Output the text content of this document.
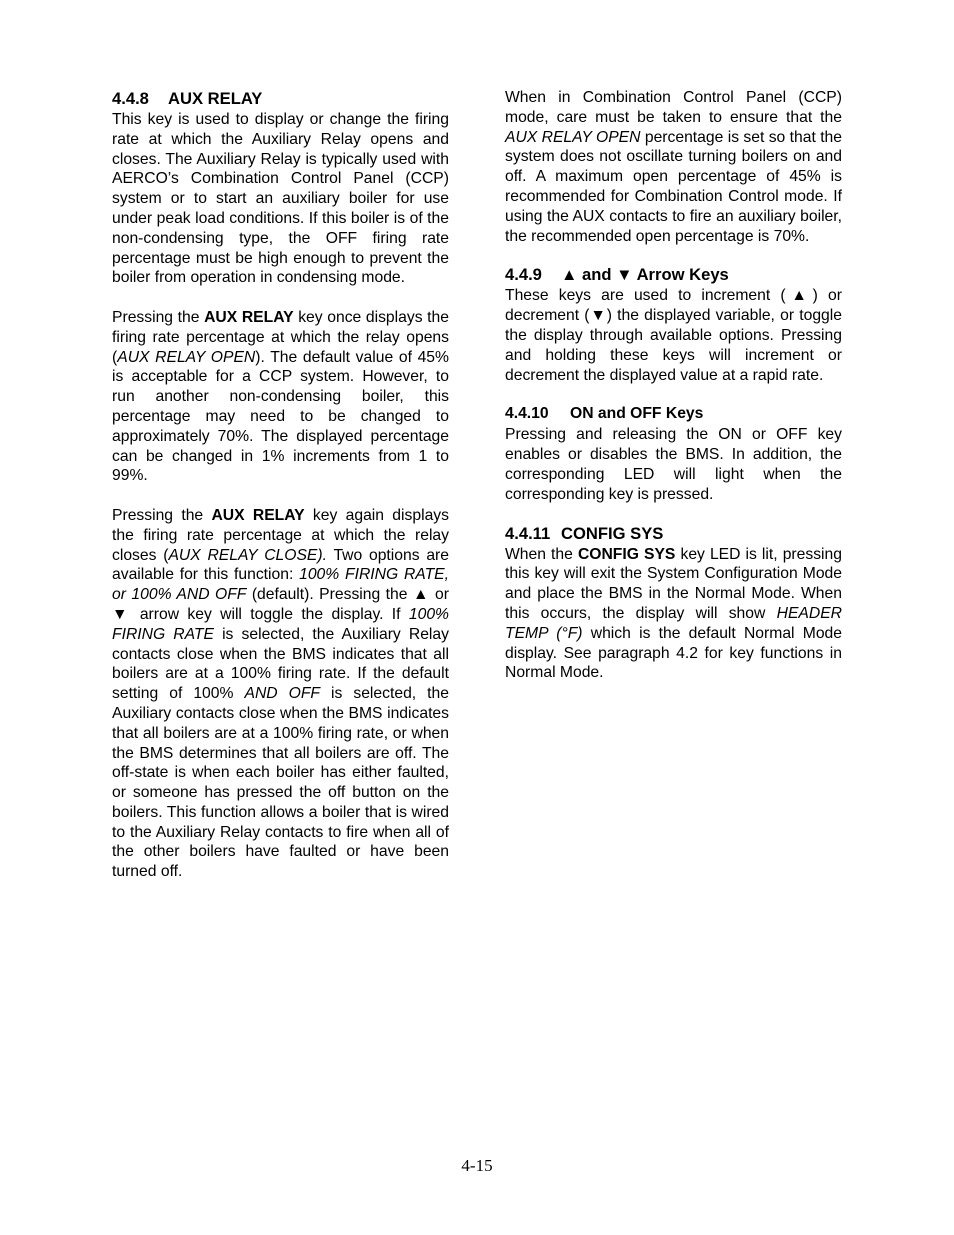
4.4.8 AUX RELAY

This key is used to display or change the firing rate at which the Auxiliary Relay opens and closes. The Auxiliary Relay is typically used with AERCO’s Combination Control Panel (CCP) system or to start an auxiliary boiler for use under peak load conditions. If this boiler is of the non-condensing type, the OFF firing rate percentage must be high enough to prevent the boiler from operation in condensing mode.

Pressing the AUX RELAY key once displays the firing rate percentage at which the relay opens (AUX RELAY OPEN). The default value of 45% is acceptable for a CCP system. However, to run another non-condensing boiler, this percentage may need to be changed to approximately 70%. The displayed percentage can be changed in 1% increments from 1 to 99%.

Pressing the AUX RELAY key again displays the firing rate percentage at which the relay closes (AUX RELAY CLOSE). Two options are available for this function: 100% FIRING RATE, or 100% AND OFF (default). Pressing the ▲ or ▼ arrow key will toggle the display. If 100% FIRING RATE is selected, the Auxiliary Relay contacts close when the BMS indicates that all boilers are at a 100% firing rate. If the default setting of 100% AND OFF is selected, the Auxiliary contacts close when the BMS indicates that all boilers are at a 100% firing rate, or when the BMS determines that all boilers are off. The off-state is when each boiler has either faulted, or someone has pressed the off button on the boilers. This function allows a boiler that is wired to the Auxiliary Relay contacts to fire when all of the other boilers have faulted or have been turned off.

When in Combination Control Panel (CCP) mode, care must be taken to ensure that the AUX RELAY OPEN percentage is set so that the system does not oscillate turning boilers on and off. A maximum open percentage of 45% is recommended for Combination Control mode. If using the AUX contacts to fire an auxiliary boiler, the recommended open percentage is 70%.

4.4.9 ▲ and ▼ Arrow Keys

These keys are used to increment (▲) or decrement (▼) the displayed variable, or toggle the display through available options. Pressing and holding these keys will increment or decrement the displayed value at a rapid rate.

4.4.10 ON and OFF Keys

Pressing and releasing the ON or OFF key enables or disables the BMS. In addition, the corresponding LED will light when the corresponding key is pressed.

4.4.11 CONFIG SYS

When the CONFIG SYS key LED is lit, pressing this key will exit the System Configuration Mode and place the BMS in the Normal Mode. When this occurs, the display will show HEADER TEMP (°F) which is the default Normal Mode display. See paragraph 4.2 for key functions in Normal Mode.

4-15
